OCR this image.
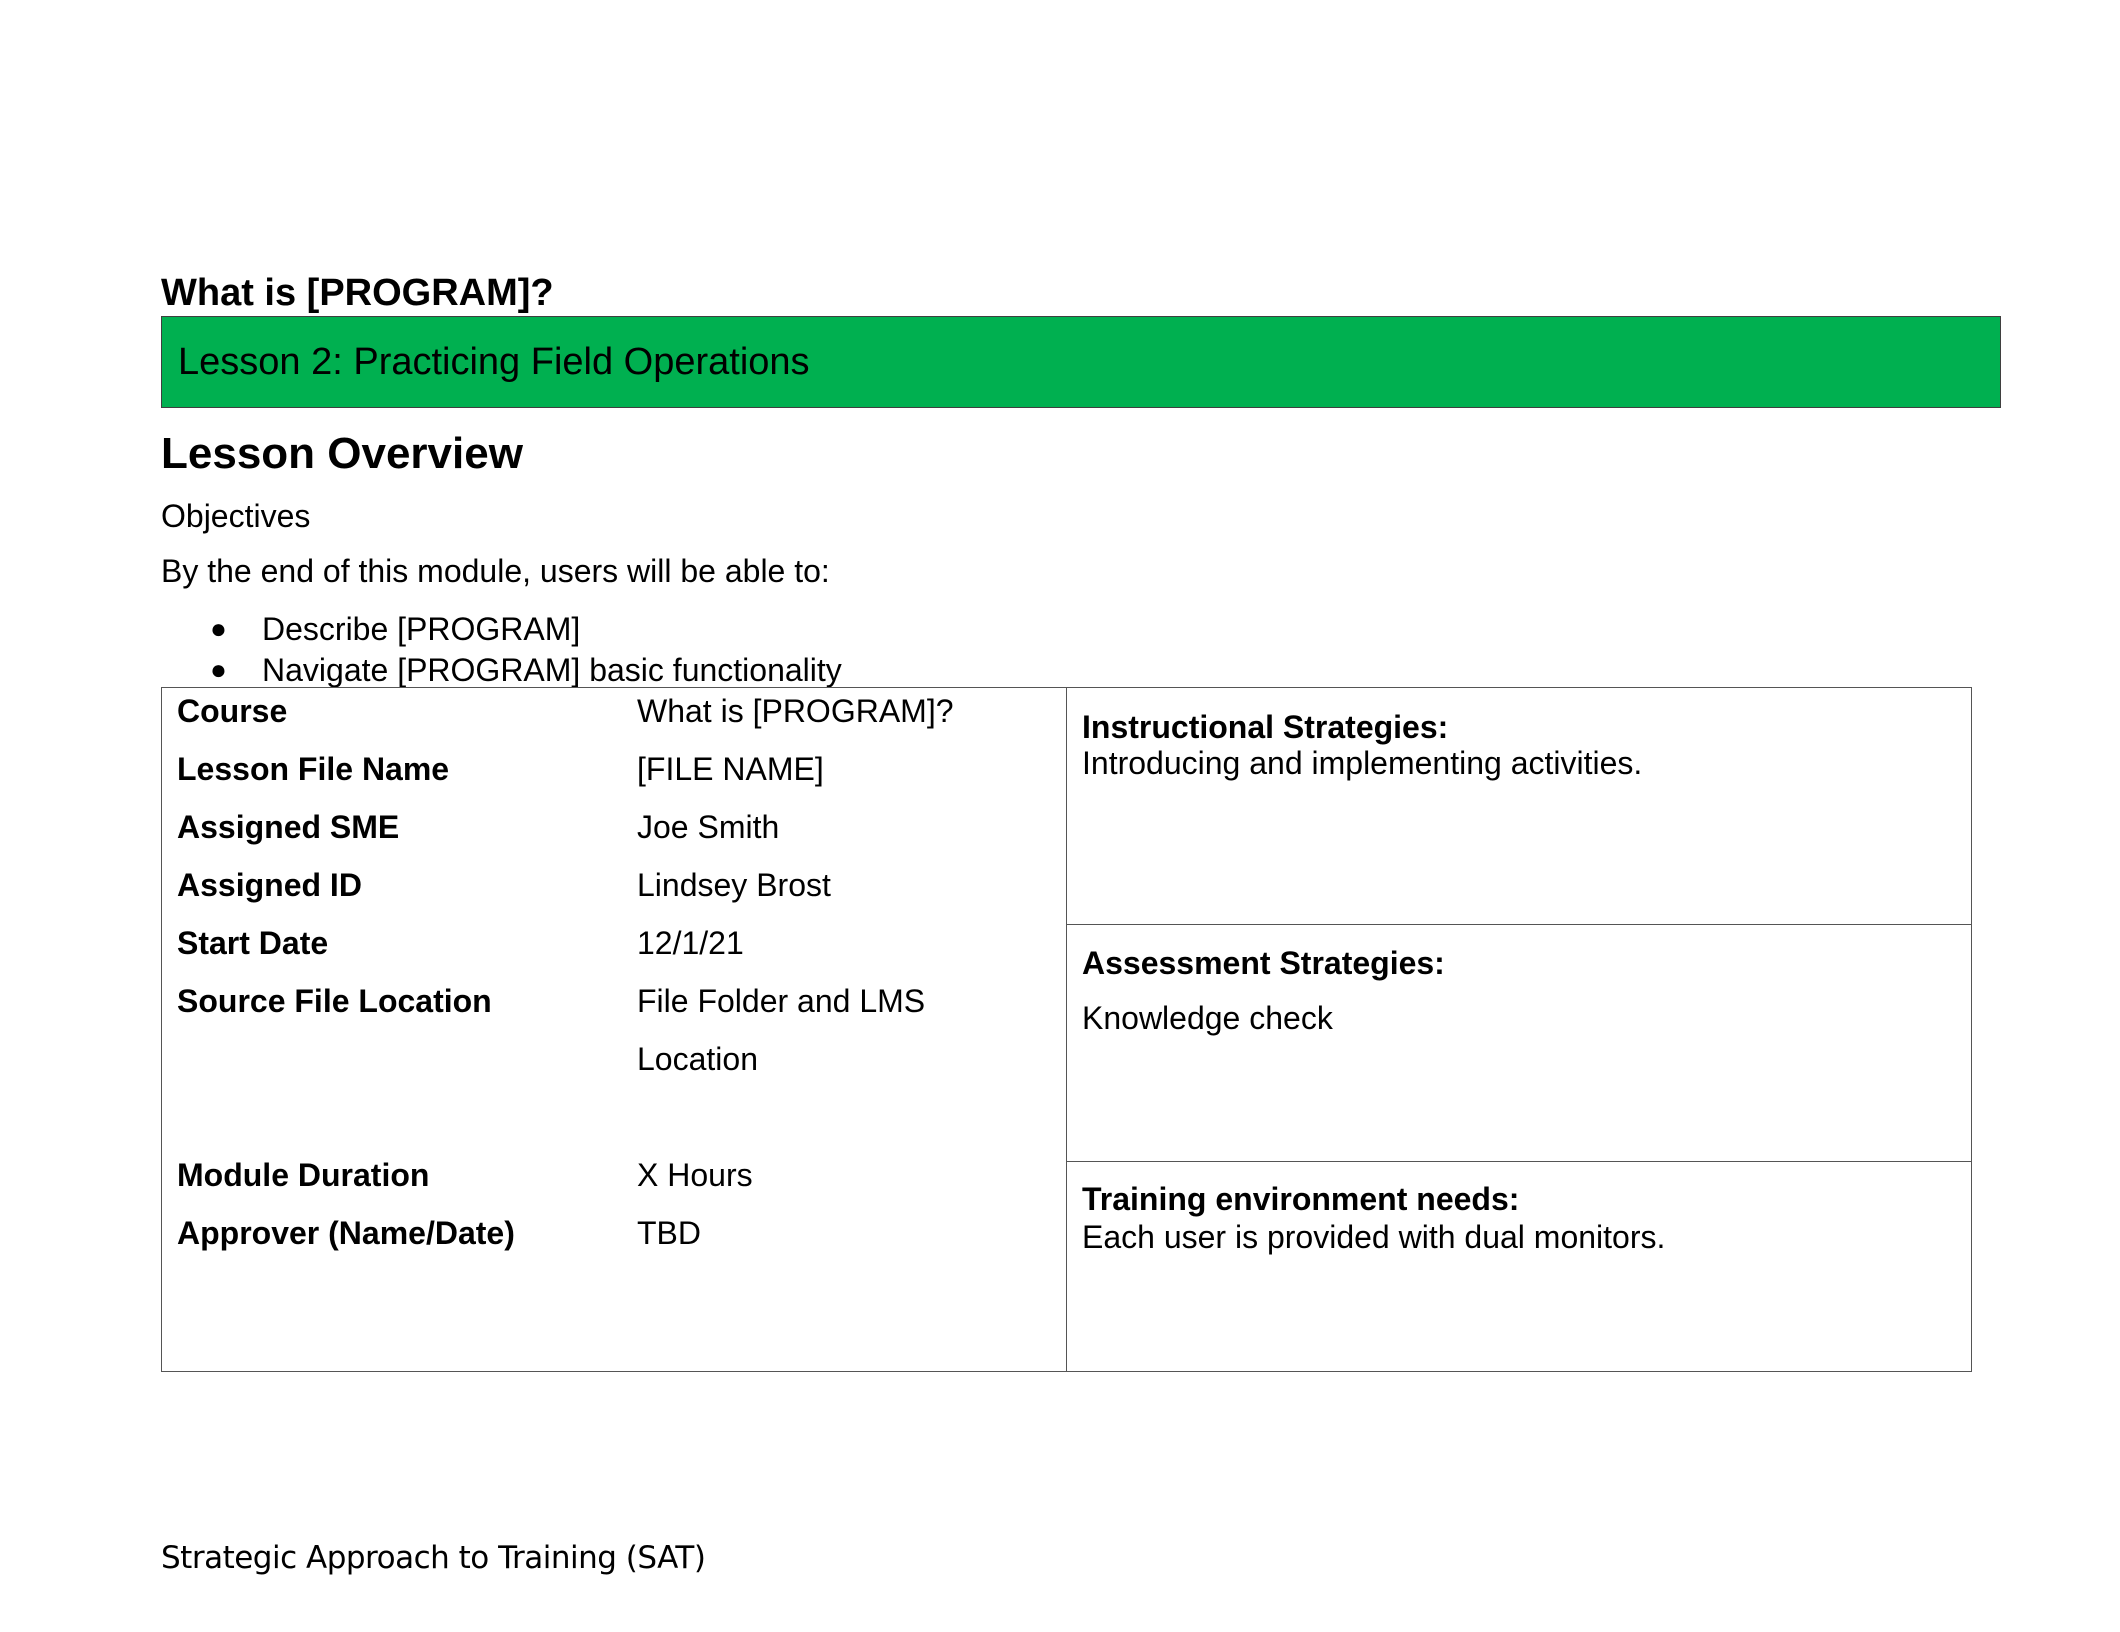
What is [PROGRAM]?
Lesson 2: Practicing Field Operations
Lesson Overview
Objectives
By the end of this module, users will be able to:
● Describe [PROGRAM]
● Navigate [PROGRAM] basic functionality
Course	What is [PROGRAM]?
Lesson File Name	[FILE NAME]
Assigned SME	Joe Smith
Assigned ID	Lindsey Brost
Start Date	12/1/21
Source File Location	File Folder and LMS
Location
Module Duration	X Hours
Approver (Name/Date)	TBD
Instructional Strategies:
Introducing and implementing activities.
Assessment Strategies:
Knowledge check
Training environment needs:
Each user is provided with dual monitors.
Strategic Approach to Training (SAT)
